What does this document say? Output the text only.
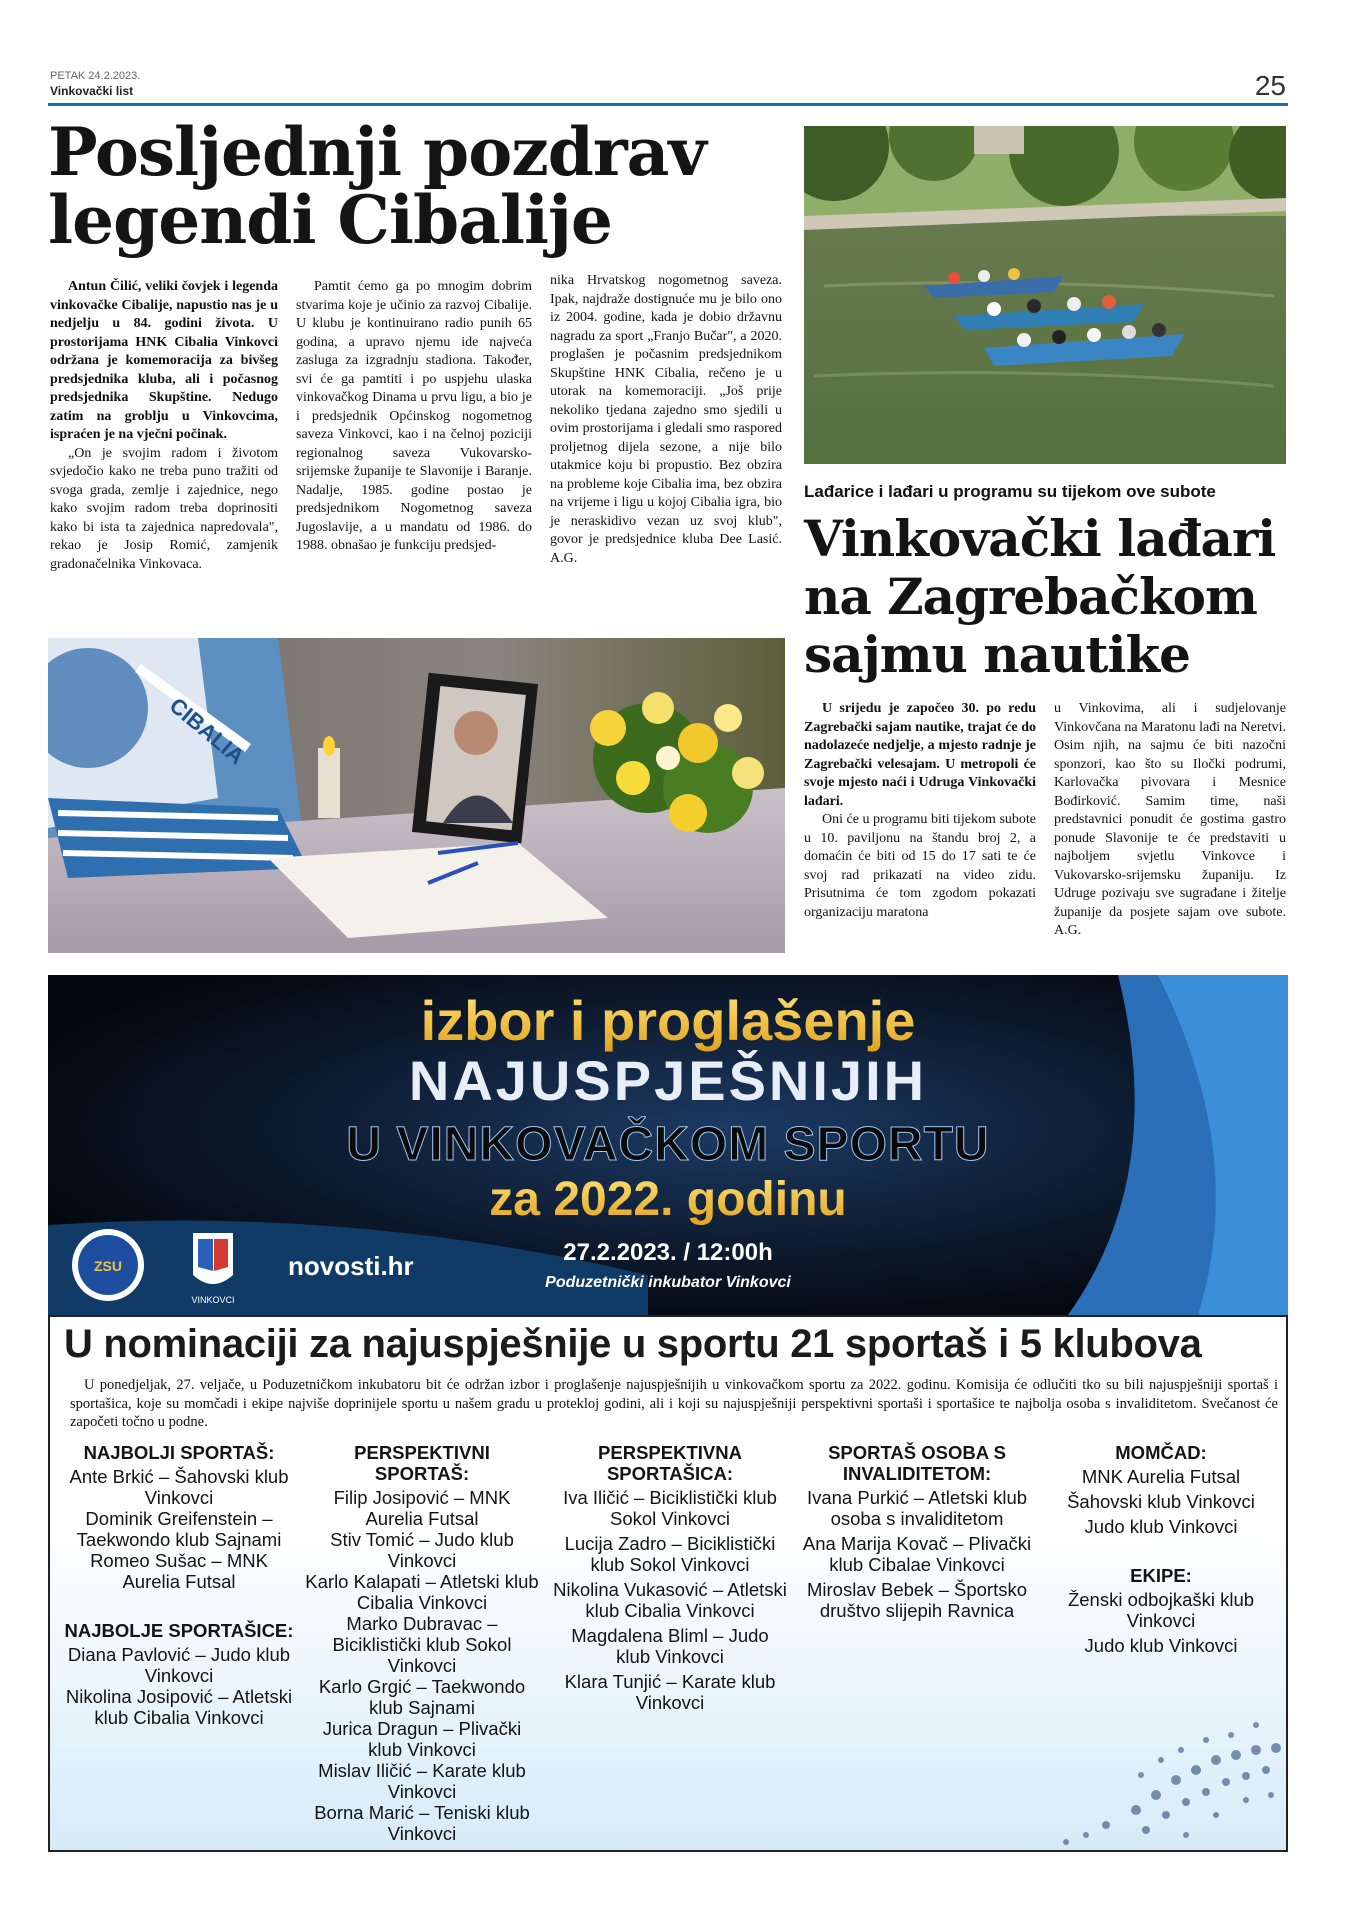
PETAK 24.2.2023.
Vinkovački list	25
Posljednji pozdrav legendi Cibalije

Antun Čilić, veliki čovjek i legenda vinkovačke Cibalije, napustio nas je u nedjelju u 84. godini života. U prostorijama HNK Cibalia Vinkovci održana je komemoracija za bivšeg predsjednika kluba, ali i počasnog predsjednika Skupštine. Nedugo zatim na groblju u Vinkovcima, ispraćen je na vječni počinak.

„On je svojim radom i životom svjedočio kako ne treba puno tražiti od svoga grada, zemlje i zajednice, nego kako svojim radom treba doprinositi kako bi ista ta zajednica napredovala", rekao je Josip Romić, zamjenik gradonačelnika Vinkovaca.

Pamtit ćemo ga po mnogim dobrim stvarima koje je učinio za razvoj Cibalije. U klubu je kontinuirano radio punih 65 godina, a upravo njemu ide najveća zasluga za izgradnju stadiona. Također, svi će ga pamtiti i po uspjehu ulaska vinkovačkog Dinama u prvu ligu, a bio je i predsjednik Općinskog nogometnog saveza Vinkovci, kao i na čelnoj poziciji regionalnog saveza Vukovarsko-srijemske županije te Slavonije i Baranje. Nadalje, 1985. godine postao je predsjednikom Nogometnog saveza Jugoslavije, a u mandatu od 1986. do 1988. obnašao je funkciju predsjed-

nika Hrvatskog nogometnog saveza. Ipak, najdraže dostignuće mu je bilo ono iz 2004. godine, kada je dobio državnu nagradu za sport „Franjo Bučar", a 2020. proglašen je počasnim predsjednikom Skupštine HNK Cibalia, rečeno je u utorak na komemoraciji. „Još prije nekoliko tjedana zajedno smo sjedili u ovim prostorijama i gledali smo raspored proljetnog dijela sezone, a nije bilo utakmice koju bi propustio. Bez obzira na probleme koje Cibalia ima, bez obzira na vrijeme i ligu u kojoj Cibalia igra, bio je neraskidivo vezan uz svoj klub", govor je predsjednice kluba Dee Lasić. A.G.

CIBALIA
Lađarice i lađari u programu su tijekom ove subote
Vinkovački lađari na Zagrebačkom sajmu nautike

U srijedu je započeo 30. po redu Zagrebački sajam nautike, trajat će do nadolazeće nedjelje, a mjesto radnje je Zagrebački velesajam. U metropoli će svoje mjesto naći i Udruga Vinkovački lađari.

Oni će u programu biti tijekom subote u 10. paviljonu na štandu broj 2, a domaćin će biti od 15 do 17 sati te će svoj rad prikazati na video zidu. Prisutnima će tom zgodom pokazati organizaciju maratona

u Vinkovima, ali i sudjelovanje Vinkovčana na Maratonu lađi na Neretvi. Osim njih, na sajmu će biti nazočni sponzori, kao što su Iločki podrumi, Karlovačka pivovara i Mesnice Bođirković. Samim time, naši predstavnici ponudit će gostima gastro ponude Slavonije te će predstaviti u najboljem svjetlu Vinkovce i Vukovarsko-srijemsku županiju. Iz Udruge pozivaju sve sugrađane i žitelje županije da posjete sajam ove subote. A.G.

izbor i proglašenje
NAJUSPJEŠNIJIH
U VINKOVAČKOM SPORTU
za 2022. godinu
27.2.2023. / 12:00h
Poduzetnički inkubator Vinkovci
ZSU
VINKOVCI
novosti.hr
U nominaciji za najuspješnije u sportu 21 sportaš i 5 klubova

U ponedjeljak, 27. veljače, u Poduzetničkom inkubatoru bit će održan izbor i proglašenje najuspješnijih u vinkovačkom sportu za 2022. godinu. Komisija će odlučiti tko su bili najuspješniji sportaš i sportašica, koje su momčadi i ekipe najviše doprinijele sportu u našem gradu u protekloj godini, ali i koji su najuspješniji perspektivni sportaši i sportašice te najbolja osoba s invaliditetom. Svečanost će započeti točno u podne.

NAJBOLJI SPORTAŠ:
Ante Brkić – Šahovski klub Vinkovci
Dominik Greifenstein – Taekwondo klub Sajnami
Romeo Sušac – MNK Aurelia Futsal
NAJBOLJE SPORTAŠICE:
Diana Pavlović – Judo klub Vinkovci
Nikolina Josipović – Atletski klub Cibalia Vinkovci
PERSPEKTIVNI SPORTAŠ:
Filip Josipović – MNK Aurelia Futsal
Stiv Tomić – Judo klub Vinkovci
Karlo Kalapati – Atletski klub Cibalia Vinkovci
Marko Dubravac – Biciklistički klub Sokol Vinkovci
Karlo Grgić – Taekwondo klub Sajnami
Jurica Dragun – Plivački klub Vinkovci
Mislav Iličić – Karate klub Vinkovci
Borna Marić – Teniski klub Vinkovci
PERSPEKTIVNA SPORTAŠICA:
Iva Iličić – Biciklistički klub Sokol Vinkovci
Lucija Zadro – Biciklistički klub Sokol Vinkovci
Nikolina Vukasović – Atletski klub Cibalia Vinkovci
Magdalena Bliml – Judo klub Vinkovci
Klara Tunjić – Karate klub Vinkovci
SPORTAŠ OSOBA S INVALIDITETOM:
Ivana Purkić – Atletski klub osoba s invaliditetom
Ana Marija Kovač – Plivački klub Cibalae Vinkovci
Miroslav Bebek – Športsko društvo slijepih Ravnica
MOMČAD:
MNK Aurelia Futsal
Šahovski klub Vinkovci
Judo klub Vinkovci
EKIPE:
Ženski odbojkaški klub Vinkovci
Judo klub Vinkovci
